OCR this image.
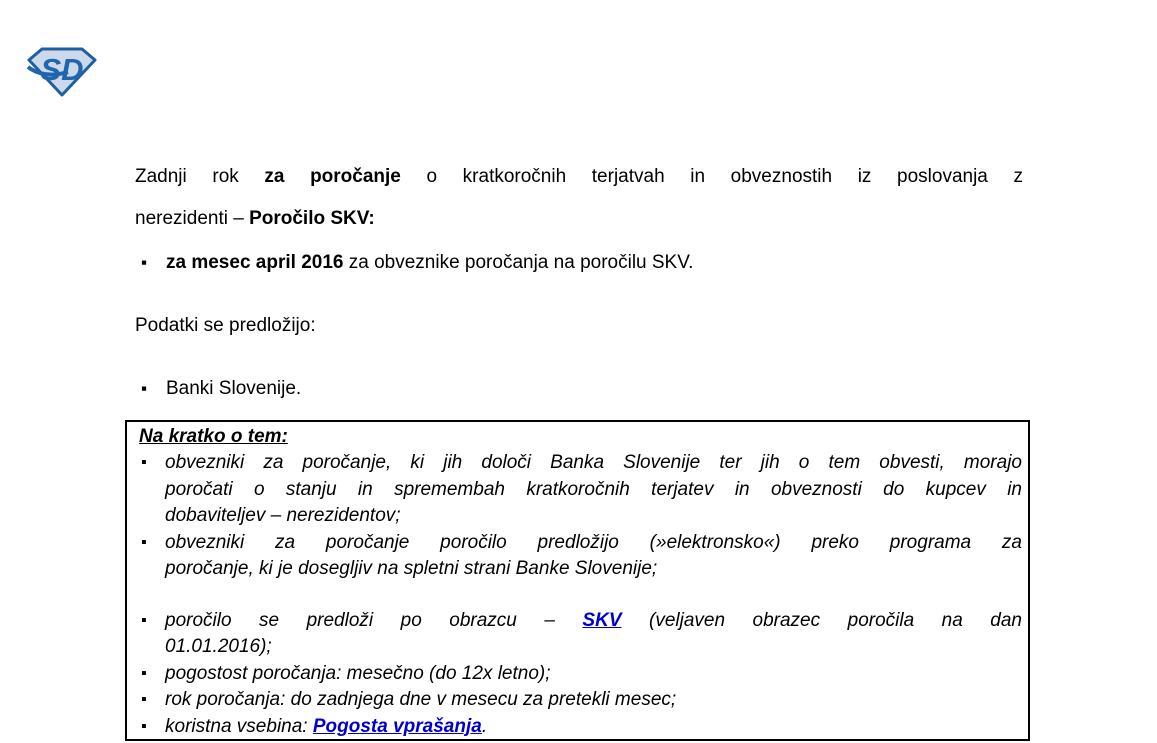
SD
Zadnji rok za poročanje o kratkoročnih terjatvah in obveznostih iz poslovanja z
nerezidenti – Poročilo SKV:
▪ za mesec april 2016 za obveznike poročanja na poročilu SKV.
Podatki se predložijo:
▪ Banki Slovenije.
Na kratko o tem:
▪ obvezniki za poročanje, ki jih določi Banka Slovenije ter jih o tem obvesti, morajo
poročati o stanju in spremembah kratkoročnih terjatev in obveznosti do kupcev in
dobaviteljev – nerezidentov;
▪ obvezniki za poročanje poročilo predložijo (»elektronsko«) preko programa za
poročanje, ki je dosegljiv na spletni strani Banke Slovenije;
▪ poročilo se predloži po obrazcu – SKV (veljaven obrazec poročila na dan
01.01.2016);
▪ pogostost poročanja: mesečno (do 12x letno);
▪ rok poročanja: do zadnjega dne v mesecu za pretekli mesec;
▪ koristna vsebina: Pogosta vprašanja.
